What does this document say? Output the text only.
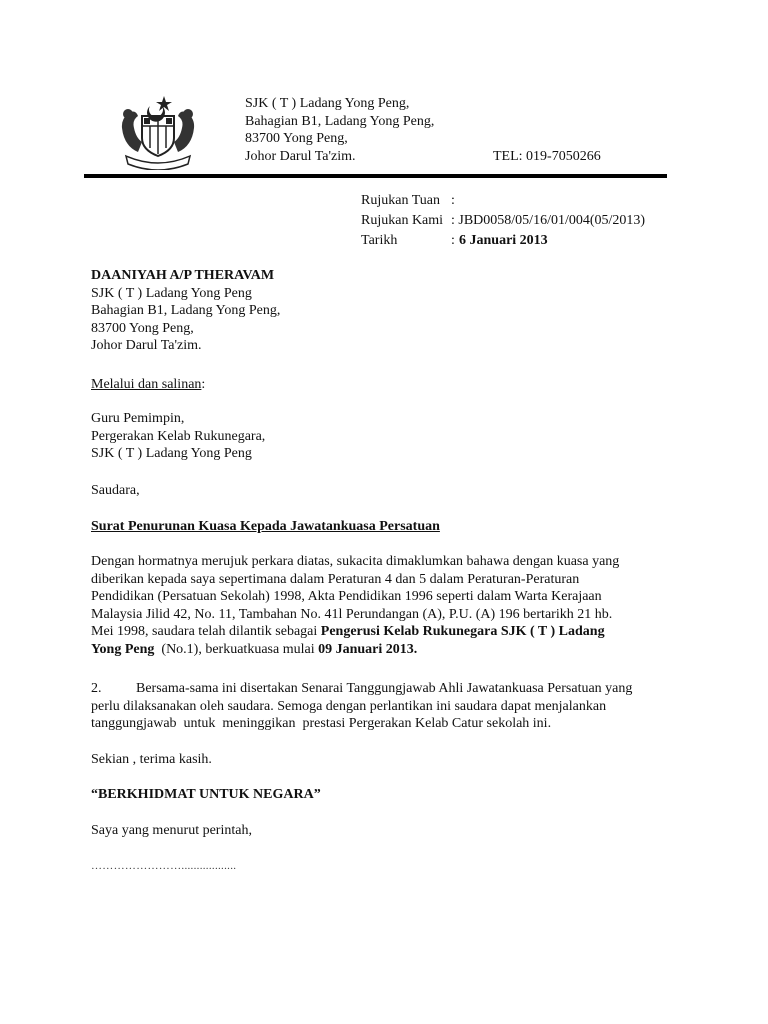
SJK ( T ) Ladang Yong Peng,

Bahagian B1, Ladang Yong Peng,

83700 Yong Peng,

Johor Darul Ta'zim.	TEL: 019-7050266
Rujukan Tuan :
Rujukan Kami : JBD0058/05/16/01/004(05/2013)
Tarikh	: 6 Januari 2013

DAANIYAH A/P THERAVAM

SJK ( T ) Ladang Yong Peng

Bahagian B1, Ladang Yong Peng,

83700 Yong Peng,

Johor Darul Ta'zim.

Melalui dan salinan:

Guru Pemimpin,

Pergerakan Kelab Rukunegara,

SJK ( T ) Ladang Yong Peng

Saudara,
Surat Penurunan Kuasa Kepada Jawatankuasa Persatuan

Dengan hormatnya merujuk perkara diatas, sukacita dimaklumkan bahawa dengan kuasa yang

diberikan kepada saya sepertimana dalam Peraturan 4 dan 5 dalam Peraturan-Peraturan

Pendidikan (Persatuan Sekolah) 1998, Akta Pendidikan 1996 seperti dalam Warta Kerajaan

Malaysia Jilid 42, No. 11, Tambahan No. 41l Perundangan (A), P.U. (A) 196 bertarikh 21 hb.

Mei 1998, saudara telah dilantik sebagai Pengerusi Kelab Rukunegara SJK ( T ) Ladang

Yong Peng  (No.1), berkuatkuasa mulai 09 Januari 2013.

2. Bersama-sama ini disertakan Senarai Tanggungjawab Ahli Jawatankuasa Persatuan yang

perlu dilaksanakan oleh saudara. Semoga dengan perlantikan ini saudara dapat menjalankan

tanggungjawab  untuk  meninggikan  prestasi Pergerakan Kelab Catur sekolah ini.

Sekian , terima kasih.
“BERKHIDMAT UNTUK NEGARA”
Saya yang menurut perintah,
……………………..................
